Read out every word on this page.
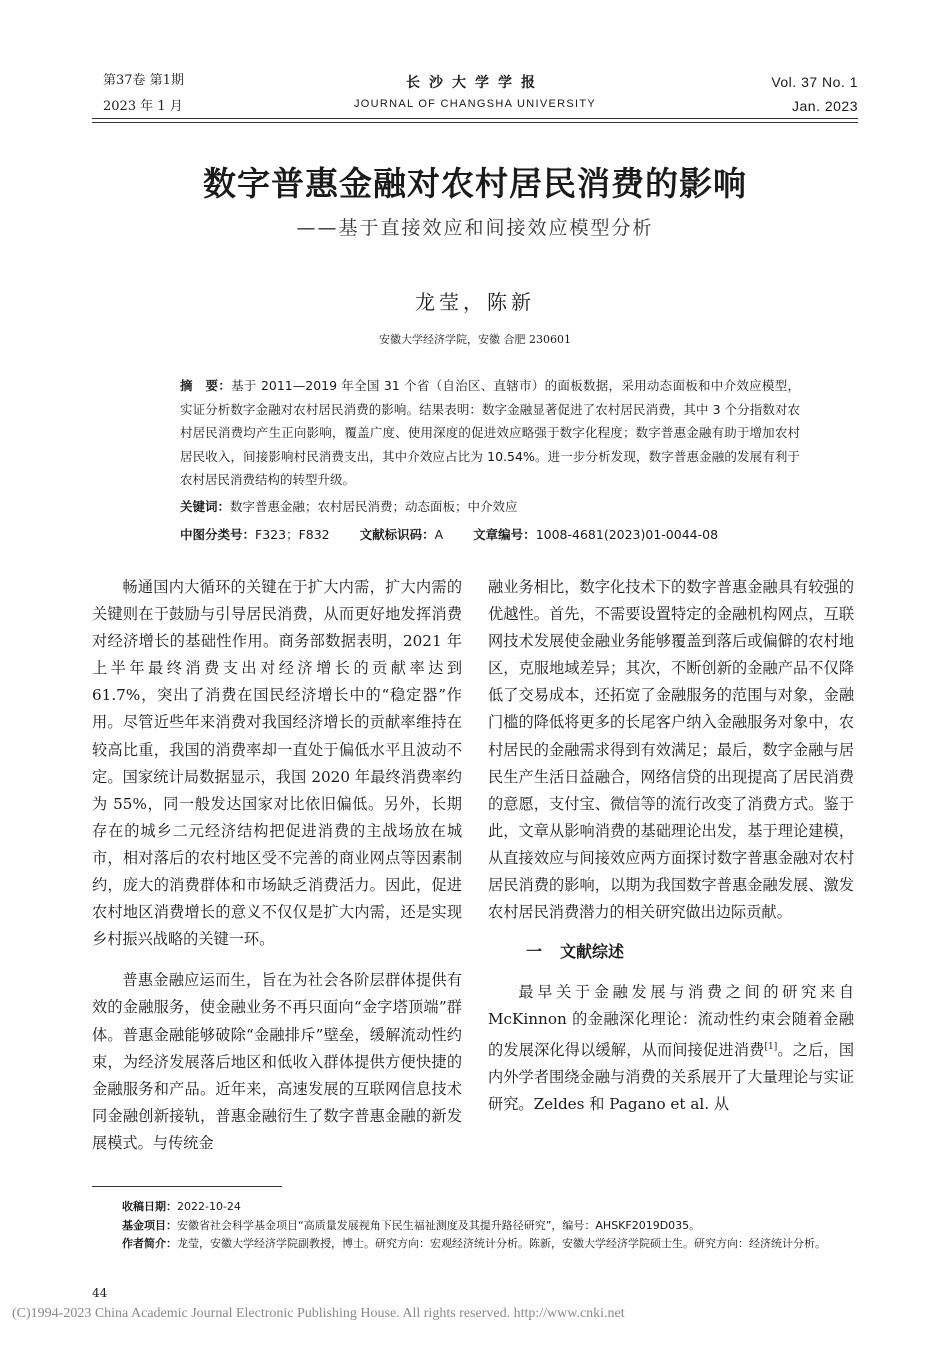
第37卷 第1期
2023 年 1 月
长沙大学学报
JOURNAL OF CHANGSHA UNIVERSITY
Vol. 37 No. 1
Jan. 2023
数字普惠金融对农村居民消费的影响
——基于直接效应和间接效应模型分析
龙莹，陈新
安徽大学经济学院，安徽 合肥 230601

摘　要：基于 2011—2019 年全国 31 个省（自治区、直辖市）的面板数据，采用动态面板和中介效应模型，实证分析数字金融对农村居民消费的影响。结果表明：数字金融显著促进了农村居民消费，其中 3 个分指数对农村居民消费均产生正向影响，覆盖广度、使用深度的促进效应略强于数字化程度；数字普惠金融有助于增加农村居民收入，间接影响村民消费支出，其中介效应占比为 10.54%。进一步分析发现，数字普惠金融的发展有利于农村居民消费结构的转型升级。

关键词：数字普惠金融；农村居民消费；动态面板；中介效应
中图分类号：F323；F832 文献标识码：A 文章编号：1008-4681(2023)01-0044-08

畅通国内大循环的关键在于扩大内需，扩大内需的关键则在于鼓励与引导居民消费，从而更好地发挥消费对经济增长的基础性作用。商务部数据表明，2021 年上半年最终消费支出对经济增长的贡献率达到 61.7%，突出了消费在国民经济增长中的“稳定器”作用。尽管近些年来消费对我国经济增长的贡献率维持在较高比重，我国的消费率却一直处于偏低水平且波动不定。国家统计局数据显示，我国 2020 年最终消费率约为 55%，同一般发达国家对比依旧偏低。另外，长期存在的城乡二元经济结构把促进消费的主战场放在城市，相对落后的农村地区受不完善的商业网点等因素制约，庞大的消费群体和市场缺乏消费活力。因此，促进农村地区消费增长的意义不仅仅是扩大内需，还是实现乡村振兴战略的关键一环。

普惠金融应运而生，旨在为社会各阶层群体提供有效的金融服务，使金融业务不再只面向“金字塔顶端”群体。普惠金融能够破除“金融排斥”壁垒，缓解流动性约束，为经济发展落后地区和低收入群体提供方便快捷的金融服务和产品。近年来，高速发展的互联网信息技术同金融创新接轨，普惠金融衍生了数字普惠金融的新发展模式。与传统金

融业务相比，数字化技术下的数字普惠金融具有较强的优越性。首先，不需要设置特定的金融机构网点，互联网技术发展使金融业务能够覆盖到落后或偏僻的农村地区，克服地域差异；其次，不断创新的金融产品不仅降低了交易成本，还拓宽了金融服务的范围与对象，金融门槛的降低将更多的长尾客户纳入金融服务对象中，农村居民的金融需求得到有效满足；最后，数字金融与居民生产生活日益融合，网络信贷的出现提高了居民消费的意愿，支付宝、微信等的流行改变了消费方式。鉴于此，文章从影响消费的基础理论出发，基于理论建模，从直接效应与间接效应两方面探讨数字普惠金融对农村居民消费的影响，以期为我国数字普惠金融发展、激发农村居民消费潜力的相关研究做出边际贡献。

一 文献综述

最早关于金融发展与消费之间的研究来自 McKinnon 的金融深化理论：流动性约束会随着金融的发展深化得以缓解，从而间接促进消费[1]。之后，国内外学者围绕金融与消费的关系展开了大量理论与实证研究。Zeldes 和 Pagano et al. 从

收稿日期： 2022-10-24
基金项目： 安徽省社会科学基金项目“高质量发展视角下民生福祉测度及其提升路径研究”，编号：AHSKF2019D035。
作者简介： 龙莹，安徽大学经济学院副教授，博士。研究方向：宏观经济统计分析。陈新，安徽大学经济学院硕士生。研究方向：经济统计分析。
44
(C)1994-2023 China Academic Journal Electronic Publishing House. All rights reserved. http://www.cnki.net
